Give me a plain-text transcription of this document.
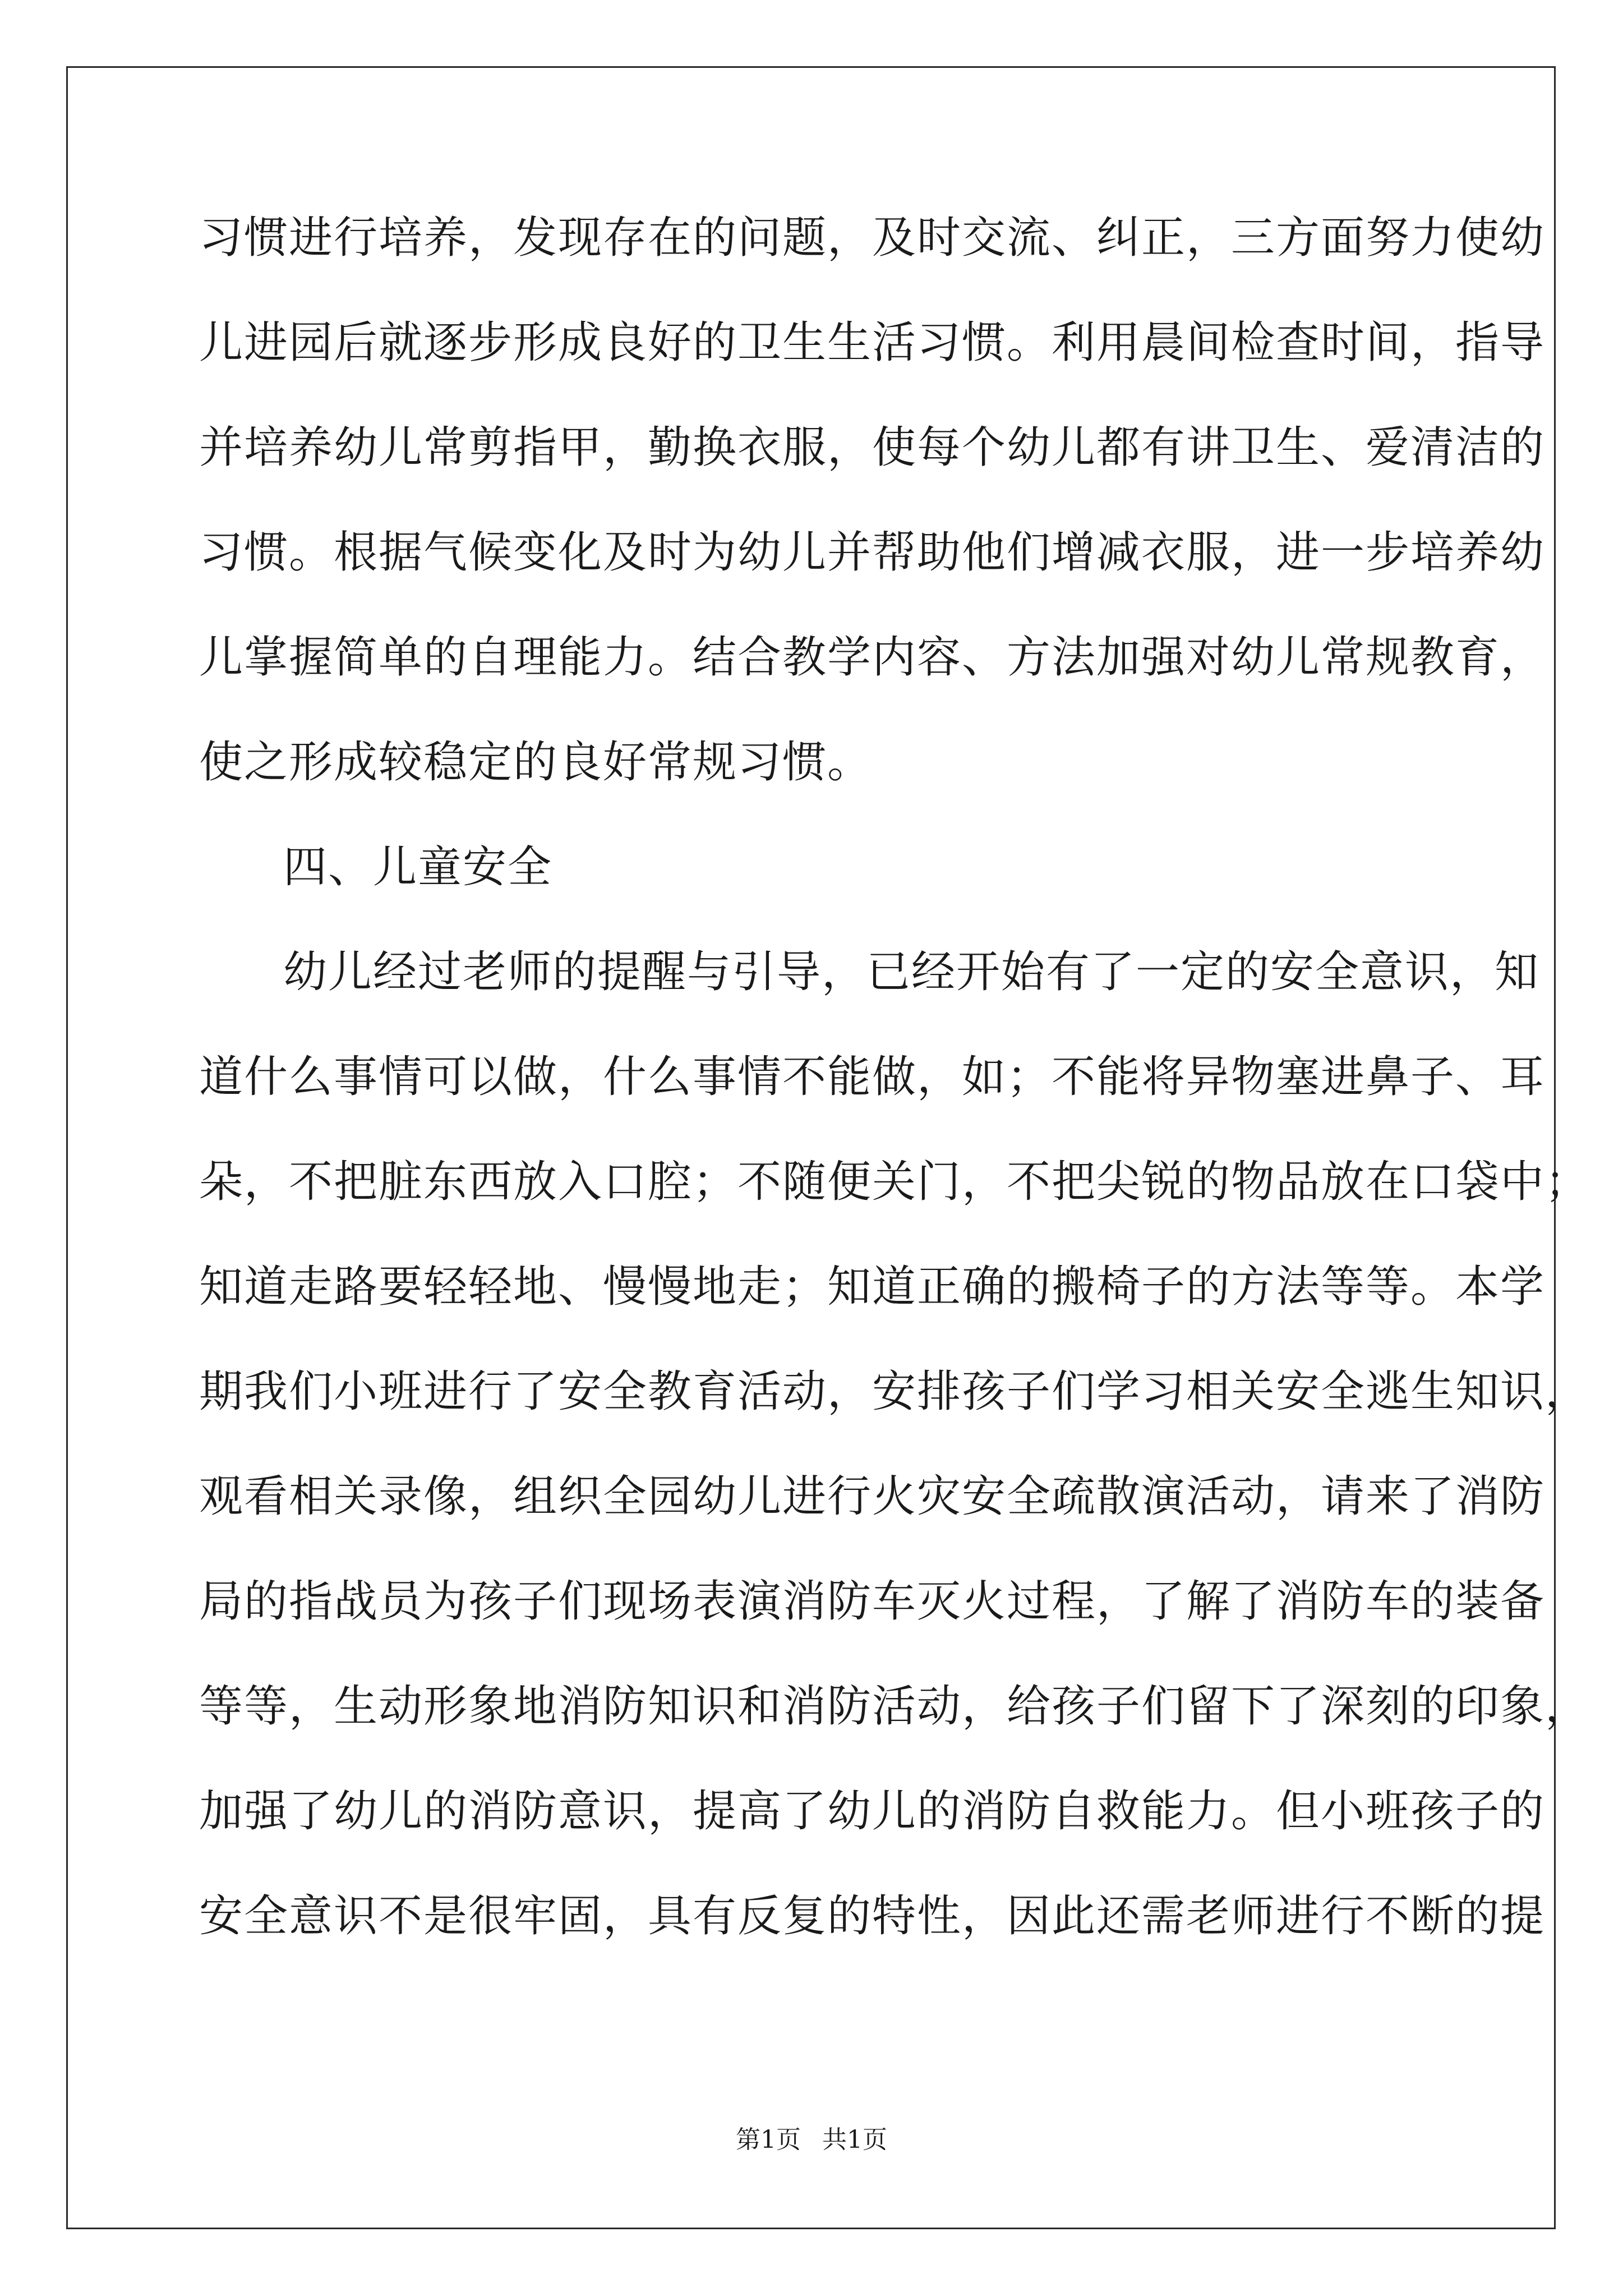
习惯进行培养，发现存在的问题，及时交流、纠正，三方面努力使幼
儿进园后就逐步形成良好的卫生生活习惯。利用晨间检查时间，指导
并培养幼儿常剪指甲，勤换衣服，使每个幼儿都有讲卫生、爱清洁的
习惯。根据气候变化及时为幼儿并帮助他们增减衣服，进一步培养幼
儿掌握简单的自理能力。结合教学内容、方法加强对幼儿常规教育，
使之形成较稳定的良好常规习惯。
四、儿童安全
幼儿经过老师的提醒与引导，已经开始有了一定的安全意识，知
道什么事情可以做，什么事情不能做，如；不能将异物塞进鼻子、耳
朵，不把脏东西放入口腔；不随便关门，不把尖锐的物品放在口袋中；
知道走路要轻轻地、慢慢地走；知道正确的搬椅子的方法等等。本学
期我们小班进行了安全教育活动，安排孩子们学习相关安全逃生知识，
观看相关录像，组织全园幼儿进行火灾安全疏散演活动，请来了消防
局的指战员为孩子们现场表演消防车灭火过程，了解了消防车的装备
等等，生动形象地消防知识和消防活动，给孩子们留下了深刻的印象，
加强了幼儿的消防意识，提高了幼儿的消防自救能力。但小班孩子的
安全意识不是很牢固，具有反复的特性，因此还需老师进行不断的提
第1页 共1页
